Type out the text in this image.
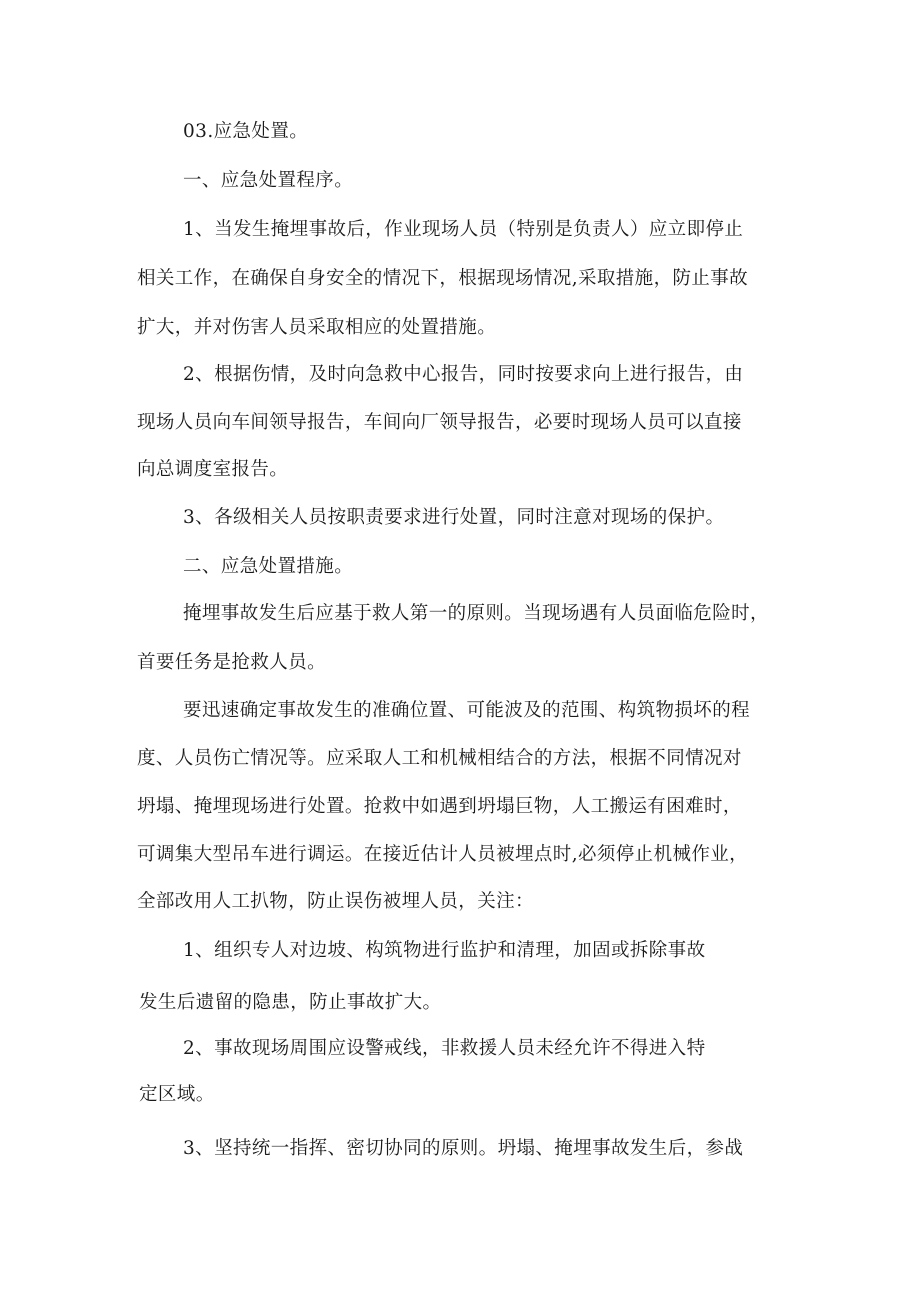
03.应急处置。
一、应急处置程序。
1、当发生掩埋事故后，作业现场人员（特别是负责人）应立即停止
相关工作，在确保自身安全的情况下，根据现场情况,采取措施，防止事故
扩大，并对伤害人员采取相应的处置措施。
2、根据伤情，及时向急救中心报告，同时按要求向上进行报告，由
现场人员向车间领导报告，车间向厂领导报告，必要时现场人员可以直接
向总调度室报告。
3、各级相关人员按职责要求进行处置，同时注意对现场的保护。
二、应急处置措施。
掩埋事故发生后应基于救人第一的原则。当现场遇有人员面临危险时，
首要任务是抢救人员。
要迅速确定事故发生的准确位置、可能波及的范围、构筑物损坏的程
度、人员伤亡情况等。应采取人工和机械相结合的方法，根据不同情况对
坍塌、掩埋现场进行处置。抢救中如遇到坍塌巨物，人工搬运有困难时，
可调集大型吊车进行调运。在接近估计人员被埋点时,必须停止机械作业，
全部改用人工扒物，防止误伤被埋人员，关注：
1、组织专人对边坡、构筑物进行监护和清理，加固或拆除事故
发生后遗留的隐患，防止事故扩大。
2、事故现场周围应设警戒线，非救援人员未经允许不得进入特
定区域。
3、坚持统一指挥、密切协同的原则。坍塌、掩埋事故发生后，参战
